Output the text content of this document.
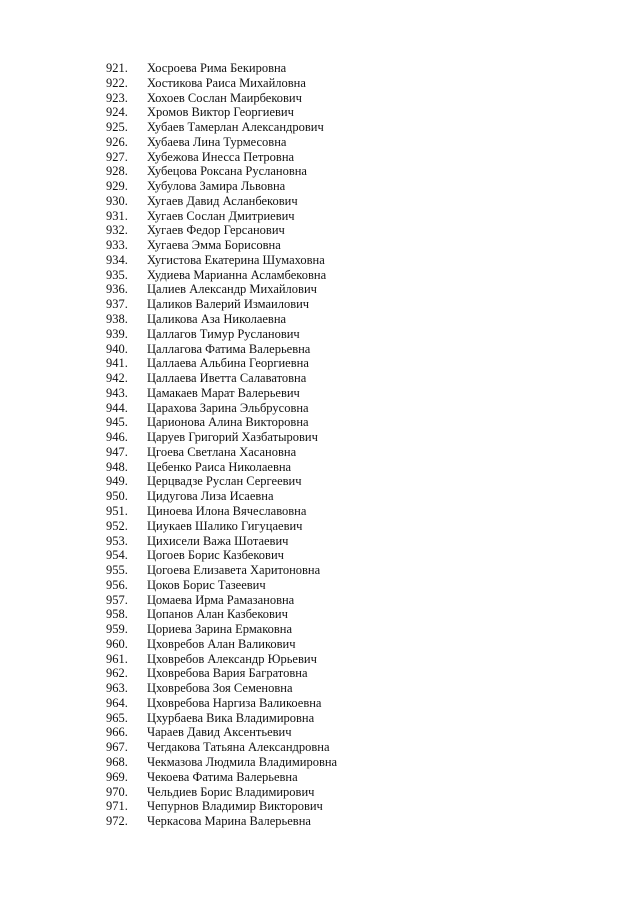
921. Хосроева Рима Бекировна
922. Хостикова Раиса Михайловна
923. Хохоев Сослан Маирбекович
924. Хромов Виктор Георгиевич
925. Хубаев Тамерлан Александрович
926. Хубаева Лина Турмесовна
927. Хубежова Инесса Петровна
928. Хубецова Роксана Руслановна
929. Хубулова Замира Львовна
930. Хугаев Давид Асланбекович
931. Хугаев Сослан Дмитриевич
932. Хугаев Федор Герсанович
933. Хугаева Эмма Борисовна
934. Хугистова Екатерина Шумаховна
935. Худиева Марианна Асламбековна
936. Цалиев Александр Михайлович
937. Цаликов Валерий Измаилович
938. Цаликова Аза Николаевна
939. Цаллагов Тимур Русланович
940. Цаллагова Фатима Валерьевна
941. Цаллаева Альбина Георгиевна
942. Цаллаева Иветта Салаватовна
943. Цамакаев Марат Валерьевич
944. Царахова Зарина Эльбрусовна
945. Царионова Алина Викторовна
946. Царуев Григорий Хазбатырович
947. Цгоева Светлана Хасановна
948. Цебенко Раиса Николаевна
949. Церцвадзе Руслан Сергеевич
950. Цидугова Лиза Исаевна
951. Циноева Илона Вячеславовна
952. Циукаев Шалико Гигуцаевич
953. Цихисели Важа Шотаевич
954. Цогоев Борис Казбекович
955. Цогоева Елизавета Харитоновна
956. Цоков Борис Тазеевич
957. Цомаева Ирма Рамазановна
958. Цопанов Алан Казбекович
959. Цориева Зарина Ермаковна
960. Цховребов Алан Валикович
961. Цховребов Александр Юрьевич
962. Цховребова Вария Багратовна
963. Цховребова Зоя Семеновна
964. Цховребова Наргиза Валикоевна
965. Цхурбаева Вика Владимировна
966. Чараев Давид Аксентьевич
967. Чегдакова Татьяна Александровна
968. Чекмазова Людмила Владимировна
969. Чекоева Фатима Валерьевна
970. Чельдиев Борис Владимирович
971. Чепурнов Владимир Викторович
972. Черкасова Марина Валерьевна
